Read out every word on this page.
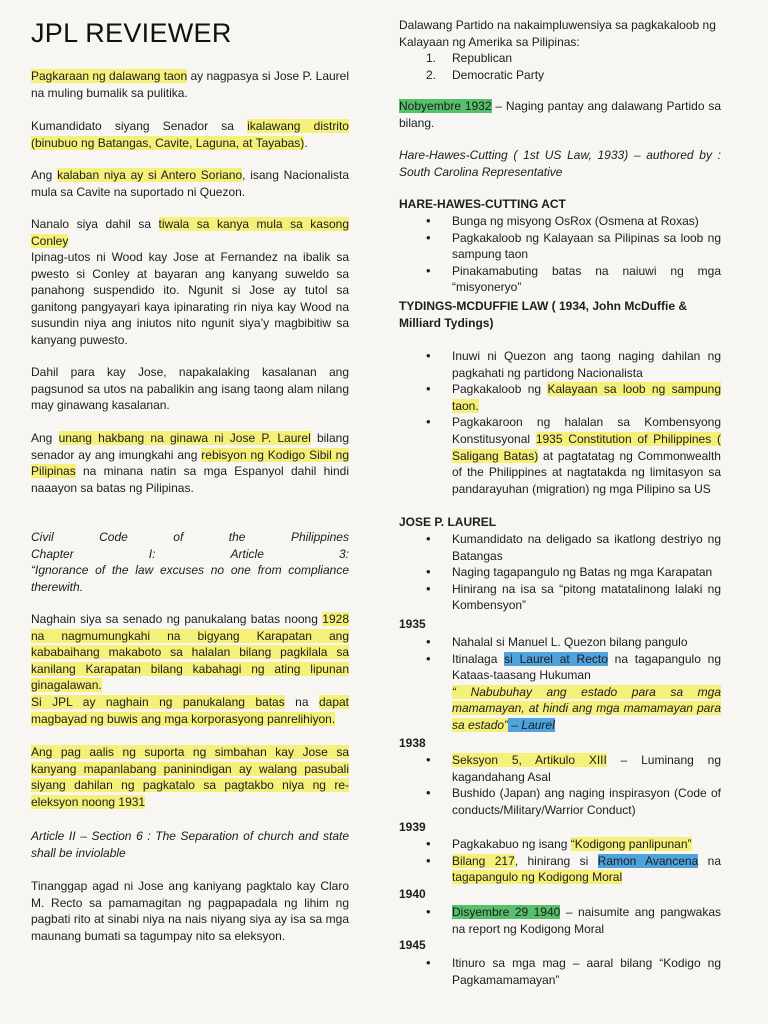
JPL REVIEWER

Pagkaraan ng dalawang taon ay nagpasya si Jose P. Laurel na muling bumalik sa pulitika.

Kumandidato siyang Senador sa ikalawang distrito (binubuo ng Batangas, Cavite, Laguna, at Tayabas).

Ang kalaban niya ay si Antero Soriano, isang Nacionalista mula sa Cavite na suportado ni Quezon.

Nanalo siya dahil sa tiwala sa kanya mula sa kasong Conley

Ipinag-utos ni Wood kay Jose at Fernandez na ibalik sa pwesto si Conley at bayaran ang kanyang suweldo sa panahong suspendido ito. Ngunit si Jose ay tutol sa ganitong pangyayari kaya ipinarating rin niya kay Wood na susundin niya ang iniutos nito ngunit siya’y magbibitiw sa kanyang puwesto.

Dahil para kay Jose, napakalaking kasalanan ang pagsunod sa utos na pabalikin ang isang taong alam nilang may ginawang kasalanan.

Ang unang hakbang na ginawa ni Jose P. Laurel bilang senador ay ang imungkahi ang rebisyon ng Kodigo Sibil ng Pilipinas na minana natin sa mga Espanyol dahil hindi naaayon sa batas ng Pilipinas.

Civil	Code	of	the	Philippines
Chapter	I:	Article	3:
“Ignorance of the law excuses no one from compliance therewith.

Naghain siya sa senado ng panukalang batas noong 1928 na nagmumungkahi na bigyang Karapatan ang kababaihang makaboto sa halalan bilang pagkilala sa kanilang Karapatan bilang kabahagi ng ating lipunan ginagalawan.

Si JPL ay naghain ng panukalang batas na dapat magbayad ng buwis ang mga korporasyong panrelihiyon.

Ang pag aalis ng suporta ng simbahan kay Jose sa kanyang mapanlabang paninindigan ay walang pasubali siyang dahilan ng pagkatalo sa pagtakbo niya ng re-eleksyon noong 1931

Article II – Section 6 : The Separation of church and state shall be inviolable

Tinanggap agad ni Jose ang kaniyang pagktalo kay Claro M. Recto sa pamamagitan ng pagpapadala ng lihim ng pagbati rito at sinabi niya na nais niyang siya ay isa sa mga maunang bumati sa tagumpay nito sa eleksyon.

Dalawang Partido na nakaimpluwensiya sa pagkakaloob ng Kalayaan ng Amerika sa Pilipinas:

1. Republican
2. Democratic Party

Nobyembre 1932 – Naging pantay ang dalawang Partido sa bilang.

Hare-Hawes-Cutting ( 1st US Law, 1933) – authored by : South Carolina Representative

HARE-HAWES-CUTTING ACT

• Bunga ng misyong OsRox (Osmena at Roxas)
• Pagkakaloob ng Kalayaan sa Pilipinas sa loob ng sampung taon
• Pinakamabuting batas na naiuwi ng mga “misyoneryo”

TYDINGS-MCDUFFIE LAW ( 1934, John McDuffie & Milliard Tydings)

• Inuwi ni Quezon ang taong naging dahilan ng pagkahati ng partidong Nacionalista
• Pagkakaloob ng Kalayaan sa loob ng sampung taon.
• Pagkakaroon ng halalan sa Kombensyong Konstitusyonal 1935 Constitution of Philippines ( Saligang Batas) at pagtatatag ng Commonwealth of the Philippines at nagtatakda ng limitasyon sa pandarayuhan (migration) ng mga Pilipino sa US

JOSE P. LAUREL

• Kumandidato na deligado sa ikatlong destriyo ng Batangas
• Naging tagapangulo ng Batas ng mga Karapatan
• Hinirang na isa sa “pitong matatalinong lalaki ng Kombensyon”

1935

• Nahalal si Manuel L. Quezon bilang pangulo
• Itinalaga si Laurel at Recto na tagapangulo ng Kataas-taasang Hukuman
“ Nabubuhay ang estado para sa mga mamamayan, at hindi ang mga mamamayan para sa estado” – Laurel

1938

• Seksyon 5, Artikulo XIII – Luminang ng kagandahang Asal
• Bushido (Japan) ang naging inspirasyon (Code of conducts/Military/Warrior Conduct)

1939

• Pagkakabuo ng isang “Kodigong panlipunan”
• Bilang 217, hinirang si Ramon Avancena na tagapangulo ng Kodigong Moral

1940

• Disyembre 29 1940 – naisumite ang pangwakas na report ng Kodigong Moral

1945

• Itinuro sa mga mag – aaral bilang “Kodigo ng Pagkamamamayan”
